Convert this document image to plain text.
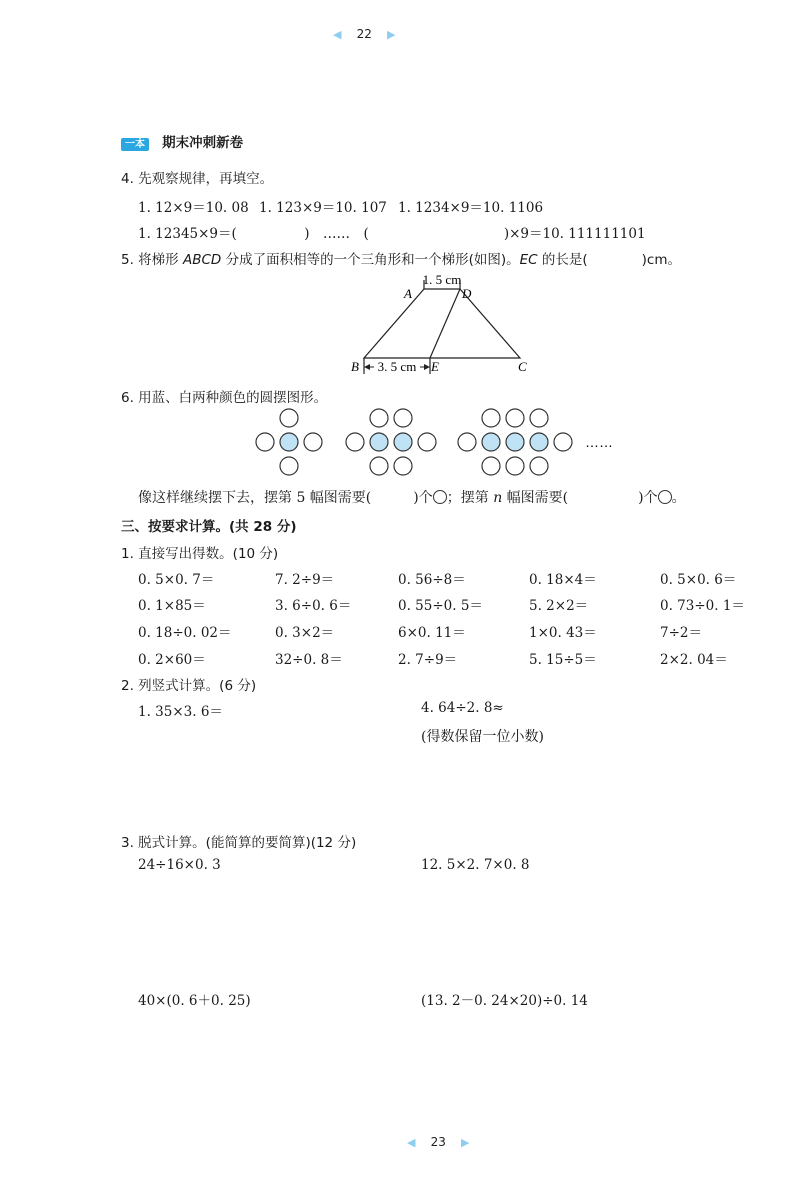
◀ 22 ▶
一本 期末冲刺新卷
4. 先观察规律，再填空。
1. 12×9＝10. 08 1. 123×9＝10. 107 1. 1234×9＝10. 1106
1. 12345×9＝(　　　　　)　……　(　　　　　　　　　　)×9＝10. 111111101
5. 将梯形 ABCD 分成了面积相等的一个三角形和一个梯形(如图)。EC 的长是(　　　　)cm。
1. 5 cm
3. 5 cm
A	D
B	E	C
6. 用蓝、白两种颜色的圆摆图形。
……
像这样继续摆下去，摆第 5 幅图需要(　　　)个 ；摆第 n 幅图需要(　　　　　)个 。
三、按要求计算。(共 28 分)
1. 直接写出得数。(10 分)
0. 5×0. 7＝	7. 2÷9＝	0. 56÷8＝	0. 18×4＝	0. 5×0. 6＝
0. 1×85＝	3. 6÷0. 6＝	0. 55÷0. 5＝	5. 2×2＝	0. 73÷0. 1＝
0. 18÷0. 02＝	0. 3×2＝	6×0. 11＝	1×0. 43＝	7÷2＝
0. 2×60＝	32÷0. 8＝	2. 7÷9＝	5. 15÷5＝	2×2. 04＝
2. 列竖式计算。(6 分)
1. 35×3. 6＝	4. 64÷2. 8≈
(得数保留一位小数)
3. 脱式计算。(能简算的要简算)(12 分)
24÷16×0. 3	12. 5×2. 7×0. 8
40×(0. 6＋0. 25)	(13. 2－0. 24×20)÷0. 14
◀ 23 ▶
